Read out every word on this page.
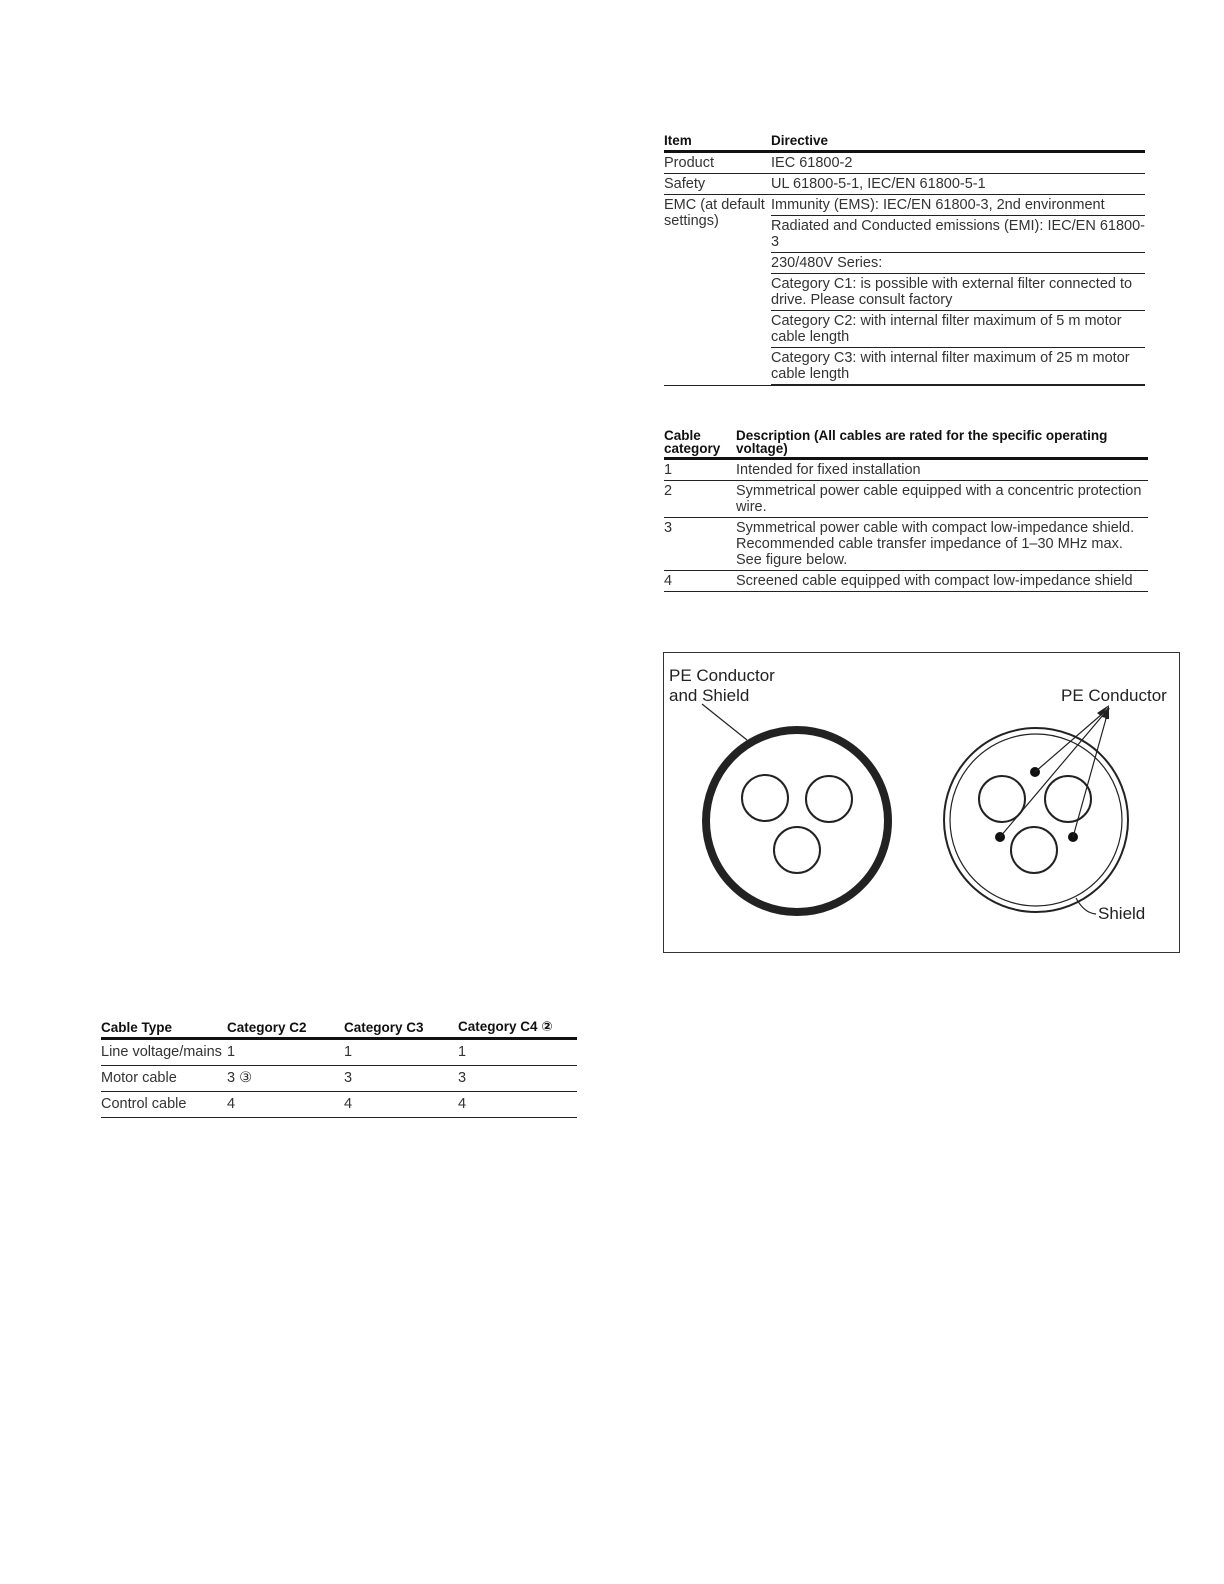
Item	Directive
Product	IEC 61800-2
Safety	UL 61800-5-1, IEC/EN 61800-5-1
EMC (at default settings)	Immunity (EMS): IEC/EN 61800-3, 2nd environment
	Radiated and Conducted emissions (EMI): IEC/EN 61800-3
	230/480V Series:
	Category C1: is possible with external filter connected to drive. Please consult factory
	Category C2: with internal filter maximum of 5 m motor cable length
	Category C3: with internal filter maximum of 25 m motor cable length

Cable category	Description (All cables are rated for the specific operating voltage)
1	Intended for fixed installation
2	Symmetrical power cable equipped with a concentric protection wire.
3	Symmetrical power cable with compact low-impedance shield. Recommended cable transfer impedance of 1–30 MHz max. See figure below.
4	Screened cable equipped with compact low-impedance shield
PE Conductor
and Shield	PE Conductor
Shield
Cable Type	Category C2	Category C3	Category C4 ②
Line voltage/mains	1	1	1
Motor cable	3 ③	3	3
Control cable	4	4	4
